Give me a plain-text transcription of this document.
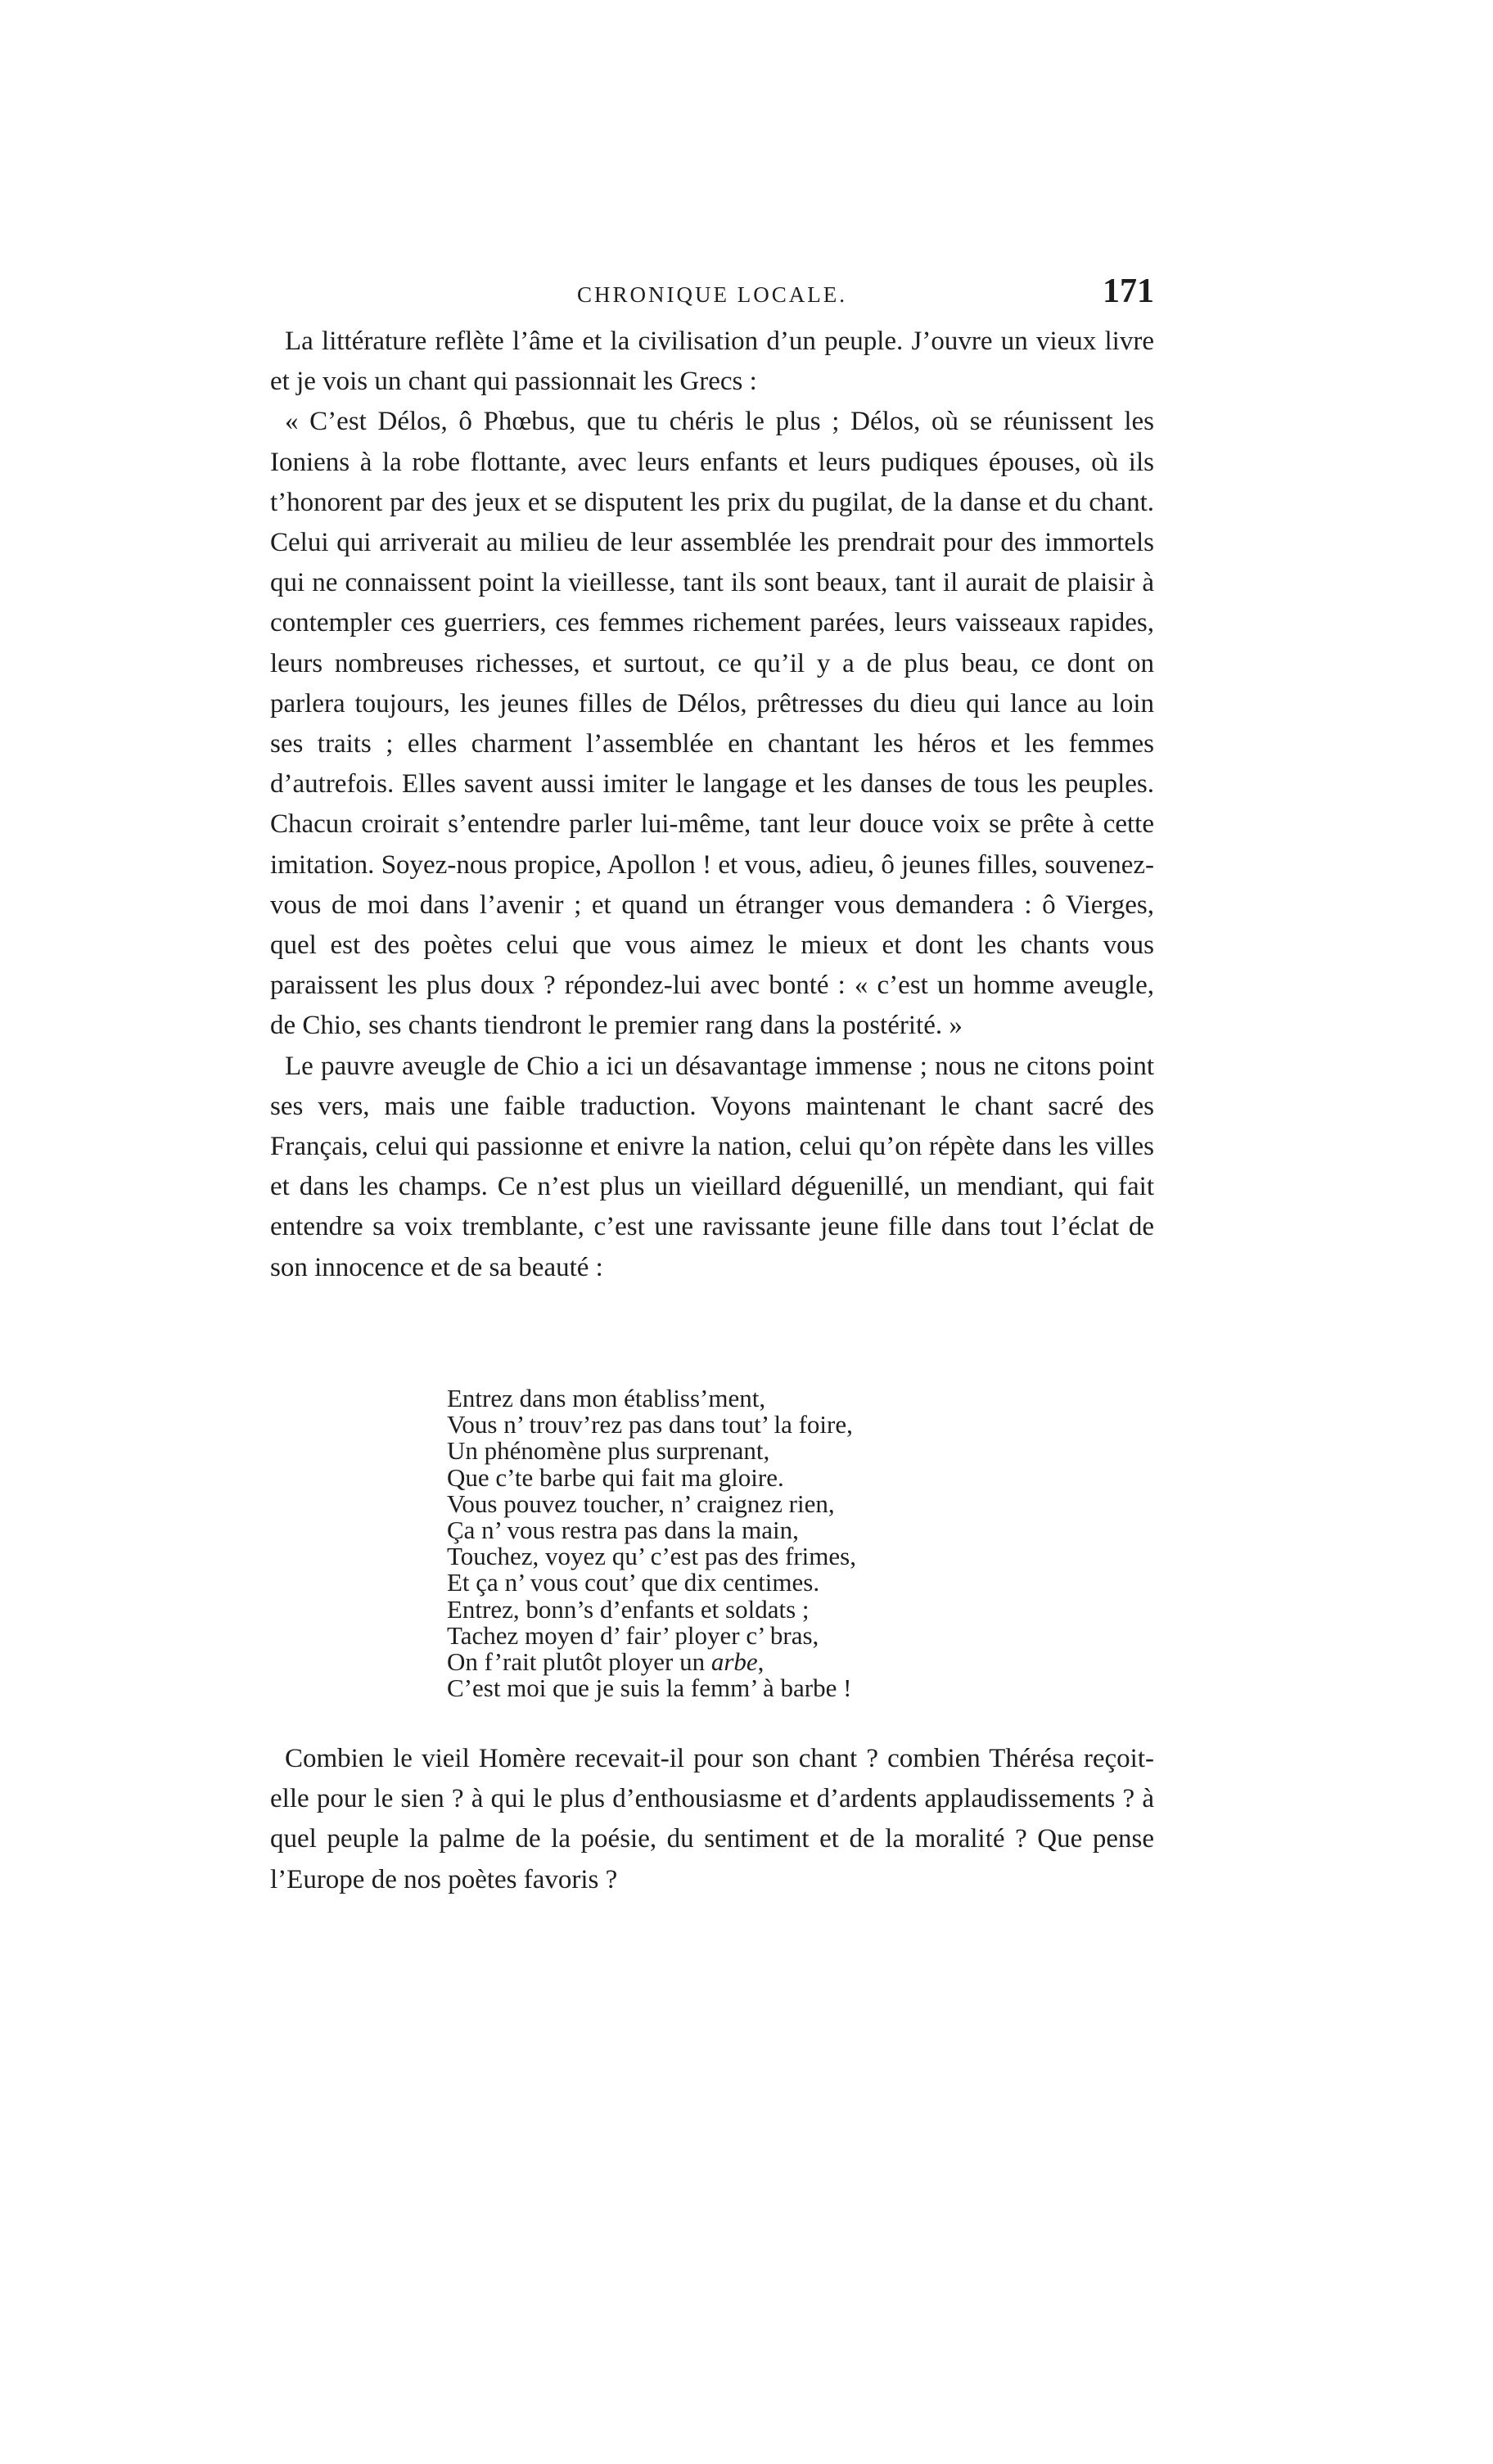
CHRONIQUE LOCALE.	171

La littérature reflète l’âme et la civilisation d’un peuple. J’ouvre un vieux livre et je vois un chant qui passionnait les Grecs :

« C’est Délos, ô Phœbus, que tu chéris le plus ; Délos, où se réunissent les Ioniens à la robe flottante, avec leurs enfants et leurs pudiques épouses, où ils t’honorent par des jeux et se disputent les prix du pugilat, de la danse et du chant. Celui qui arriverait au milieu de leur assemblée les prendrait pour des immortels qui ne connaissent point la vieillesse, tant ils sont beaux, tant il aurait de plaisir à contempler ces guerriers, ces femmes richement parées, leurs vaisseaux rapides, leurs nombreuses richesses, et surtout, ce qu’il y a de plus beau, ce dont on parlera toujours, les jeunes filles de Délos, prêtresses du dieu qui lance au loin ses traits ; elles charment l’assemblée en chantant les héros et les femmes d’autrefois. Elles savent aussi imiter le langage et les danses de tous les peuples. Chacun croirait s’entendre parler lui-même, tant leur douce voix se prête à cette imitation. Soyez-nous propice, Apollon ! et vous, adieu, ô jeunes filles, souvenez-vous de moi dans l’avenir ; et quand un étranger vous demandera : ô Vierges, quel est des poètes celui que vous aimez le mieux et dont les chants vous paraissent les plus doux ? répondez-lui avec bonté : « c’est un homme aveugle, de Chio, ses chants tiendront le premier rang dans la postérité. »

Le pauvre aveugle de Chio a ici un désavantage immense ; nous ne citons point ses vers, mais une faible traduction. Voyons maintenant le chant sacré des Français, celui qui passionne et enivre la nation, celui qu’on répète dans les villes et dans les champs. Ce n’est plus un vieillard déguenillé, un mendiant, qui fait entendre sa voix tremblante, c’est une ravissante jeune fille dans tout l’éclat de son innocence et de sa beauté :

Entrez dans mon établiss’ment,
Vous n’ trouv’rez pas dans tout’ la foire,
Un phénomène plus surprenant,
Que c’te barbe qui fait ma gloire.
Vous pouvez toucher, n’ craignez rien,
Ça n’ vous restra pas dans la main,
Touchez, voyez qu’ c’est pas des frimes,
Et ça n’ vous cout’ que dix centimes.
Entrez, bonn’s d’enfants et soldats ;
Tachez moyen d’ fair’ ployer c’ bras,
On f’rait plutôt ployer un arbe,
C’est moi que je suis la femm’ à barbe !

Combien le vieil Homère recevait-il pour son chant ? combien Thérésa reçoit-elle pour le sien ? à qui le plus d’enthousiasme et d’ardents applaudissements ? à quel peuple la palme de la poésie, du sentiment et de la moralité ? Que pense l’Europe de nos poètes favoris ?
